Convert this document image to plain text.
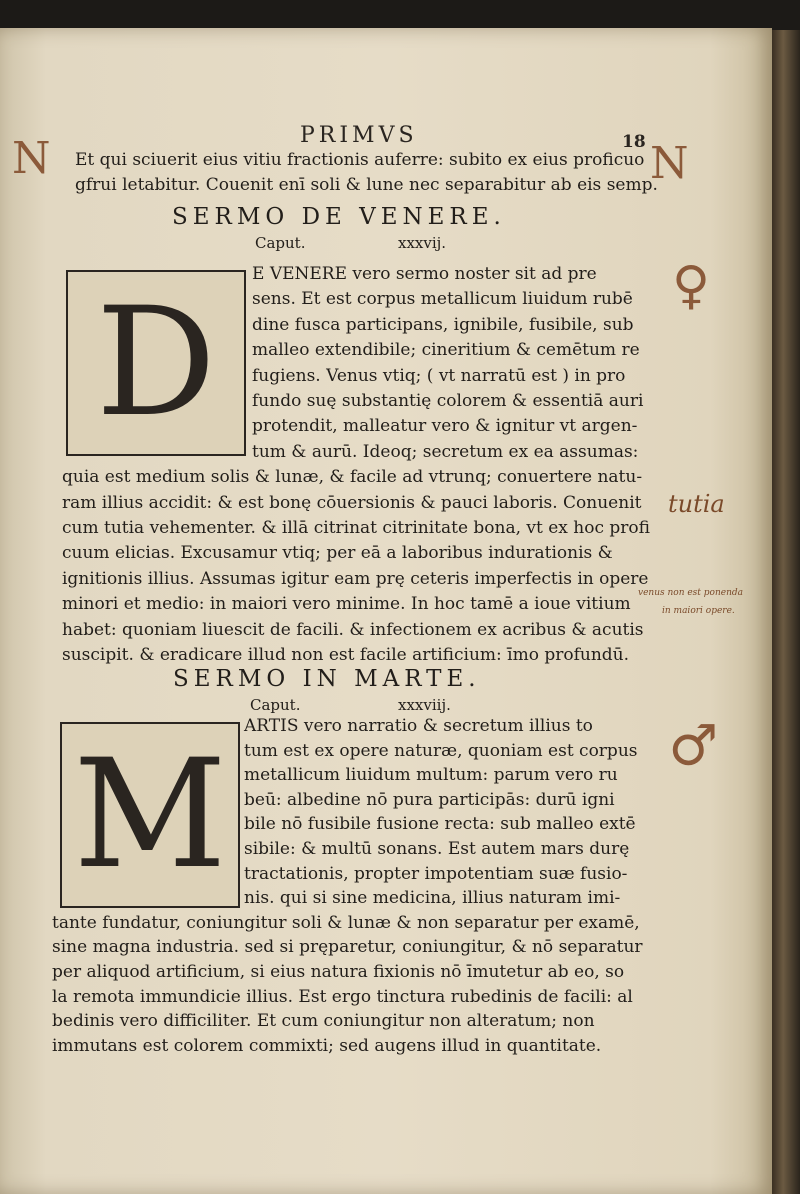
PRIMVS	18
N	N
Et qui sciuerit eius vitiu fractionis auferre: subito ex eius proficuo
gfrui letabitur. Couenit enī soli & lune nec separabitur ab eis semp.
SERMO DE VENERE.
Caput.	xxxvij.
D
E VENERE vero sermo noster sit ad pre
sens. Et est corpus metallicum liuidum rubē
dine fusca participans, ignibile, fusibile, sub
malleo extendibile; cineritium & cemētum re
fugiens. Venus vtiq; ( vt narratū est ) in pro
fundo suę substantię colorem & essentiā auri
protendit, malleatur vero & ignitur vt argen-
tum & aurū. Ideoq; secretum ex ea assumas:
quia est medium solis & lunæ, & facile ad vtrunq; conuertere natu-
ram illius accidit: & est bonę cōuersionis & pauci laboris. Conuenit
cum tutia vehementer. & illā citrinat citrinitate bona, vt ex hoc profi
cuum elicias. Excusamur vtiq; per eā a laboribus indurationis &
ignitionis illius. Assumas igitur eam prę ceteris imperfectis in opere
minori et medio: in maiori vero minime. In hoc tamē a ioue vitium
habet: quoniam liuescit de facili. & infectionem ex acribus & acutis
suscipit. & eradicare illud non est facile artificium: īmo profundū.
♀
tutia
venus non est ponenda
in maiori opere.
SERMO IN MARTE.
Caput.	xxxviij.
M
ARTIS vero narratio & secretum illius to
tum est ex opere naturæ, quoniam est corpus
metallicum liuidum multum: parum vero ru
beū: albedine nō pura participās: durū igni
bile nō fusibile fusione recta: sub malleo extē
sibile: & multū sonans. Est autem mars durę
tractationis, propter impotentiam suæ fusio-
nis. qui si sine medicina, illius naturam imi-
tante fundatur, coniungitur soli & lunæ & non separatur per examē,
sine magna industria. sed si pręparetur, coniungitur, & nō separatur
per aliquod artificium, si eius natura fixionis nō īmutetur ab eo, so
la remota immundicie illius. Est ergo tinctura rubedinis de facili: al
bedinis vero difficiliter. Et cum coniungitur non alteratum; non
immutans est colorem commixti; sed augens illud in quantitate.
♂
